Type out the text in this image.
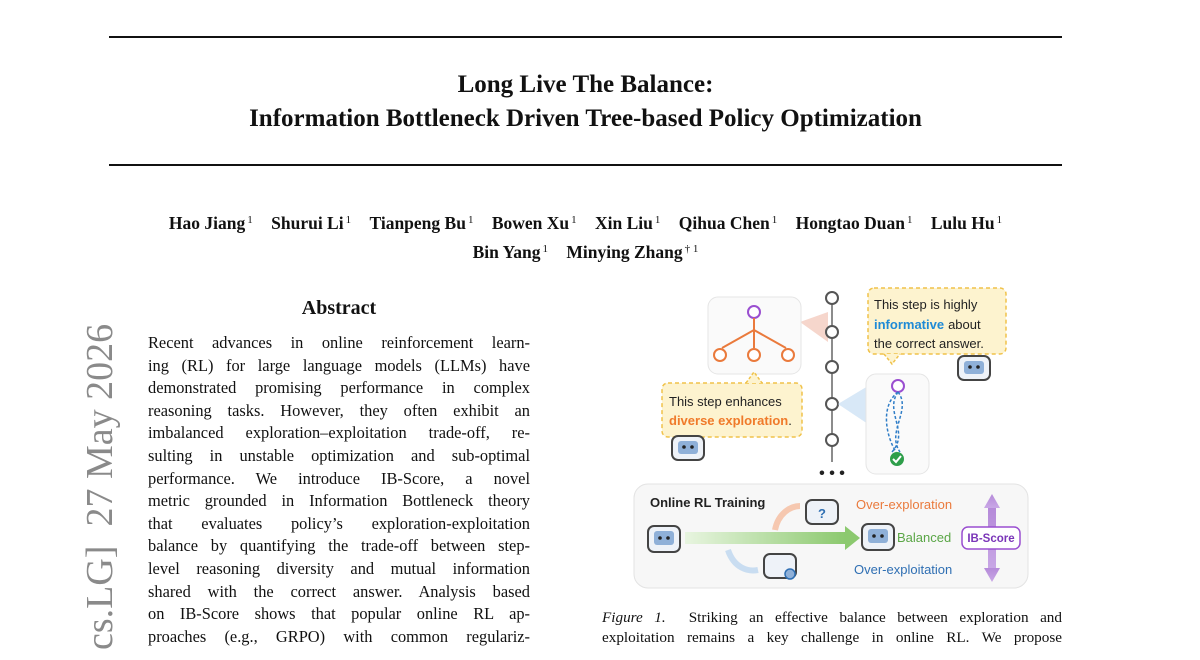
Long Live The Balance:
Information Bottleneck Driven Tree-based Policy Optimization
Hao Jiang $^1$ Shurui Li $^1$ Tianpeng Bu $^1$ Bowen Xu $^1$ Xin Liu $^1$ Qihua Chen $^1$ Hongtao Duan $^1$ Lulu Hu $^1$
Bin Yang $^1$ Minying Zhang $^{\dagger 1}$
cs.LG]  27 May 2026
Abstract
Recent advances in online reinforcement learn-
ing (RL) for large language models (LLMs) have
demonstrated promising performance in complex
reasoning tasks. However, they often exhibit an
imbalanced exploration–exploitation trade-off, re-
sulting in unstable optimization and sub-optimal
performance. We introduce IB-Score, a novel
metric grounded in Information Bottleneck theory
that evaluates policy’s exploration-exploitation
balance by quantifying the trade-off between step-
level reasoning diversity and mutual information
shared with the correct answer. Analysis based
on IB-Score shows that popular online RL ap-
proaches (e.g., GRPO) with common regulariz-
• • •
This step is highly
informative about
the correct answer.
This step enhances
diverse exploration.
Online RL Training
?
Over-exploration
Balanced
Over-exploitation
IB-Score
Figure 1. Striking an effective balance between exploration and
exploitation remains a key challenge in online RL. We propose
